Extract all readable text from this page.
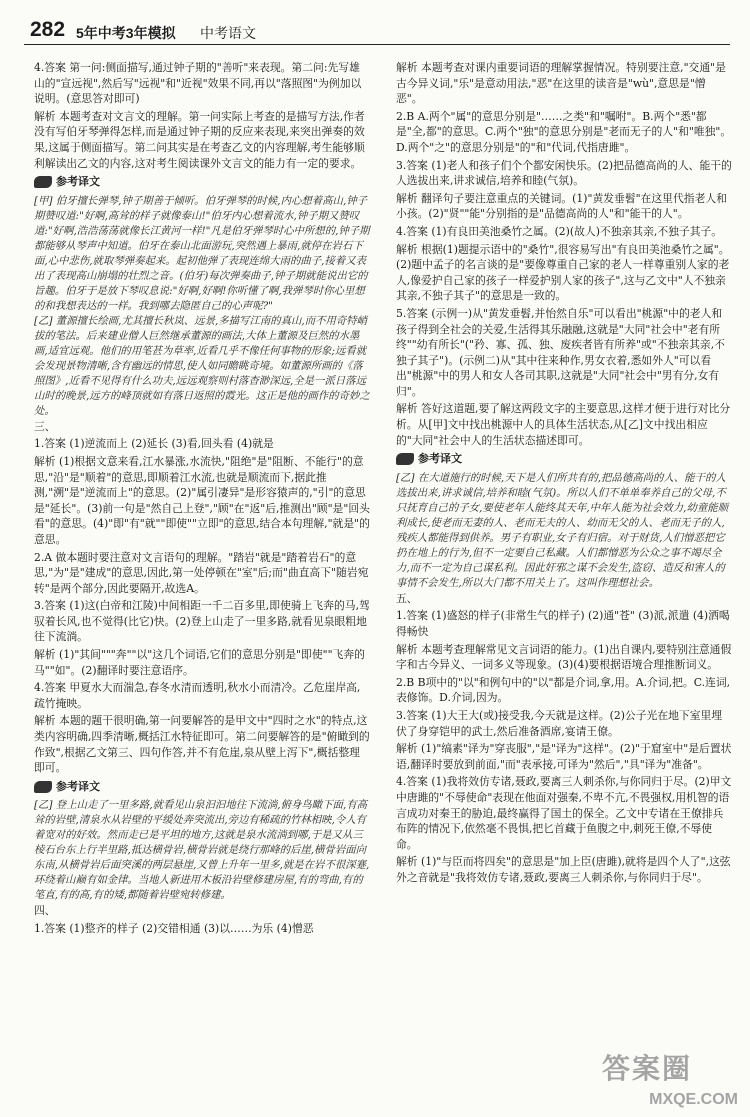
282 5年中考3年模拟 中考语文

4.答案 第一问:侧面描写,通过钟子期的"善听"来表现。第二问:先写雄山的"宣远视",然后写"远视"和"近视"效果不同,再以"落照图"为例加以说明。(意思答对即可)

解析 本题考查对文言文的理解。第一问实际上考查的是描写方法,作者没有写伯牙琴弹得怎样,而是通过钟子期的反应来表现,来突出弹奏的效果,这属于侧面描写。第二问其实是在考查乙文的内容理解,考生能够顺利解读出乙文的内容,这对考生阅读课外文言文的能力有一定的要求。

参考译文
[甲] 伯牙擅长弹琴,钟子期善于倾听。伯牙弹琴的时候,内心想着高山,钟子期赞叹道:"好啊,高耸的样子就像泰山!"伯牙内心想着流水,钟子期又赞叹道:"好啊,浩浩荡荡就像长江黄河一样!"凡是伯牙弹琴时心中所想的,钟子期都能够从琴声中知道。伯牙在泰山北面游玩,突然遇上暴雨,就停在岩石下面,心中悲伤,就取琴弹奏起来。起初他弹了表现连绵大雨的曲子,接着又表出了表现高山崩塌的壮烈之音。(伯牙)每次弹奏曲子,钟子期就能说出它的旨趣。伯牙于是放下琴叹息说:"好啊,好啊!你听懂了啊,我弹琴时你心里想的和我想表达的一样。我到哪去隐匿自己的心声呢?"
[乙] 董源擅长绘画,尤其擅长秋岚、远景,多描写江南的真山,而不用奇特峭拔的笔法。后来建业僧人巨然继承董源的画法,大体上董源及巨然的水墨画,适宜远观。他们的用笔甚为草率,近看几乎不像任何事物的形象;远看就会发现景物清晰,含有幽远的情思,使人如同瞻眺奇境。如董源所画的《落照图》,近看不见得有什么功夫,远远观察则村落杳渺深远,全是一派日落远山时的晚景,远方的峰顶就如有落日返照的霞光。这正是他的画作的奇妙之处。

三、

1.答案 (1)逆流而上 (2)延长 (3)看,回头看 (4)就是

解析 (1)根据文意来看,江水暴涨,水流快,"阻绝"是"阻断、不能行"的意思,"沿"是"顺着"的意思,即顺着江水流,也就是顺流而下,据此推测,"溯"是"逆流而上"的意思。(2)"属引凄异"是形容猿声的,"引"的意思是"延长"。(3)前一句是"然自己上登","顾"在"返"后,推测出"顾"是"回头看"的意思。(4)"即"有"就""即使""立即"的意思,结合本句理解,"就是"的意思。

2.A 做本题时要注意对文言语句的理解。"踏岩"就是"踏着岩石"的意思,"为"是"建成"的意思,因此,第一处停顿在"室"后;而"曲直高下"随岩宛转"是两个部分,因此要隔开,故选A。

3.答案 (1)这(白帝和江陵)中间相距一千二百多里,即使骑上飞奔的马,驾驭着长风,也不觉得(比它)快。(2)登上山走了一里多路,就看见泉眼粗地往下流淌。

解析 (1)"其间"""奔""以"这几个词语,它们的意思分别是"即使""飞奔的马""如"。(2)翻译时要注意语序。

4.答案 甲夏水大而湍急,春冬水清而透明,秋水小而清冷。乙危崖岸高,疏竹掩映。

解析 本题的题干很明确,第一问要解答的是甲文中"四时之水"的特点,这类内容明确,四季清晰,概括江水特征即可。第二问要解答的是"俯瞰到的作致",根据乙文第三、四句作答,并不有危崖,泉从壁上泻下",概括整理即可。

参考译文
[乙] 登上山走了一里多路,就看见山泉汩汩地往下流淌,俯身鸟瞰下面,有高耸的岩壁,清泉水从岩壁的平缓处奔突流出,旁边有稀疏的竹林相映,令人有着宽对的好效。然而走已是平坦的地方,这就是泉水流淌到哪,于是又从三棱石台东上行半里路,抵达横骨岩,横骨岩就是绕行那峰的后崖,横骨岩面向东南,从横骨岩后面突溪的两层悬崖,又曾上升年一里多,就是在岩不很深蹇,环绕着山巅有如金律。当地人新进用木板沿岩壁修建房屋,有的弯曲,有的笔直,有的高,有的矮,都随着岩壁宛转修建。

四、

1.答案 (1)整齐的样子 (2)交错相通 (3)以……为乐 (4)憎恶

解析 本题考查对课内重要词语的理解掌握情况。特别要注意,"交通"是古今异义词,"乐"是意动用法,"恶"在这里的读音是"wù",意思是"憎恶"。

2.B A.两个"属"的意思分别是"……之类"和"嘱咐"。B.两个"悉"都是"全,都"的意思。C.两个"独"的意思分别是"老而无子的人"和"唯独"。D.两个"之"的意思分别是"的"和"代词,代指唐雎"。

3.答案 (1)老人和孩子们个个都安闲快乐。(2)把品德高尚的人、能干的人选拔出来,讲求诚信,培养和睦(气氛)。

解析 翻译句子要注意重点的关键词。(1)"黄发垂髫"在这里代指老人和小孩。(2)"贤""能"分别指的是"品德高尚的人"和"能干的人"。

4.答案 (1)有良田美池桑竹之属。(2)(故人)不独亲其亲,不独子其子。

解析 根据(1)题提示语中的"桑竹",很容易写出"有良田美池桑竹之属"。(2)题中孟子的名言谈的是"要像尊重自己家的老人一样尊重别人家的老人,像爱护自己家的孩子一样爱护别人家的孩子",这与乙文中"人不独亲其亲,不独子其子"的意思是一致的。

5.答案 (示例一)从"黄发垂髫,并怡然自乐"可以看出"桃源"中的老人和孩子得到全社会的关爱,生活得其乐融融,这就是"大同"社会中"老有所终""幼有所长"("矜、寡、孤、独、废疾者皆有所养"或"不独亲其亲,不独子其子")。(示例二)从"其中往来种作,男女衣着,悉如外人"可以看出"桃源"中的男人和女人各司其职,这就是"大同"社会中"男有分,女有归"。

解析 答好这道题,要了解这两段文字的主要意思,这样才便于进行对比分析。从[甲]文中找出桃源中人的具体生活状态,从[乙]文中找出相应的"大同"社会中人的生活状态描述即可。

参考译文
[乙] 在大道施行的时候,天下是人们所共有的,把品德高尚的人、能干的人选拔出来,讲求诚信,培养和睦(气氛)。所以人们不单单奉养自己的父母,不只抚育自己的子女,要使老年人能终其天年,中年人能为社会效力,幼童能顺利成长,使老而无妻的人、老而无夫的人、幼而无父的人、老而无子的人,残疾人都能得到供养。男子有职业,女子有归宿。对于财货,人们憎恶把它扔在地上的行为,但不一定要自己私藏。人们都憎恶为公众之事不竭尽全力,而不一定为自己谋私利。因此奸邪之谋不会发生,盗窃、造反和害人的事情不会发生,所以大门都不用关上了。这叫作理想社会。

五、

1.答案 (1)盛怒的样子(非常生气的样子) (2)通"苍" (3)派,派遣 (4)洒喝得畅快

解析 本题考查理解常见文言词语的能力。(1)出自课内,要特别注意通假字和古今异义、一词多义等现象。(3)(4)要根据语境合理推断词义。

2.B B项中的"以"和例句中的"以"都是介词,拿,用。A.介词,把。C.连词,表修饰。D.介词,因为。

3.答案 (1)大王大(或)接受我,今天就是这样。(2)公子光在地下室里埋伏了身穿铠甲的武士,然后准备酒席,宴请王僚。

解析 (1)"缟素"译为"穿丧服","是"译为"这样"。(2)"于窟室中"是后置状语,翻译时要放到前面,"而"表承接,可译为"然后","具"译为"准备"。

4.答案 (1)我将效仿专诸,聂政,要离三人刺杀你,与你同归于尽。(2)甲文中唐雎的"不辱使命"表现在他面对强秦,不卑不亢,不畏强权,用机智的语言成功对秦王的胁迫,最终赢得了国土的保全。乙文中专诸在王僚排兵布阵的情况下,依然毫不畏惧,把匕首藏于鱼腹之中,刺死王僚,不辱使命。

解析 (1)"与臣而将四矣"的意思是"加上臣(唐雎),就将是四个人了",这弦外之音就是"我将效仿专诸,聂政,要离三人刺杀你,与你同归于尽"。

答案圈
MXQE.COM
